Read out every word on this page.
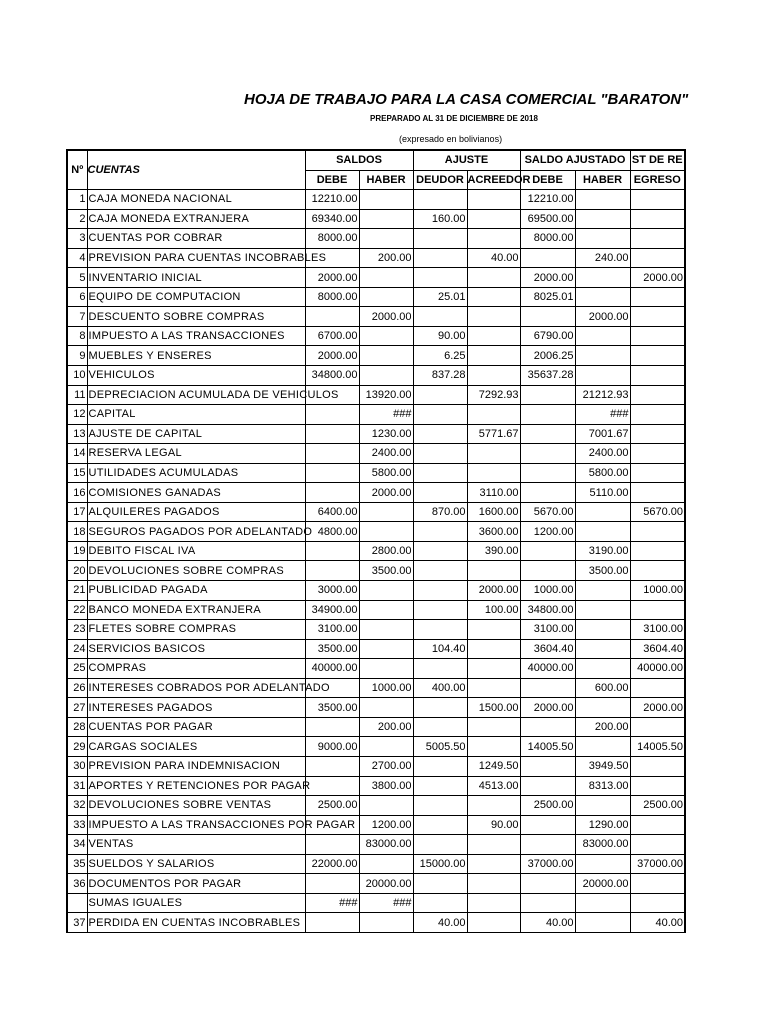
HOJA DE TRABAJO PARA LA CASA COMERCIAL "BARATON"
PREPARADO AL 31 DE DICIEMBRE DE 2018
(expresado en bolivianos)
Nº	CUENTAS	SALDOS		AJUSTE		SALDO AJUSTADO		ST DE RE
		DEBE	HABER	DEUDOR	ACREEDOR	DEBE	HABER	EGRESO
1	CAJA MONEDA NACIONAL	12210.00				12210.00		
2	CAJA MONEDA EXTRANJERA	69340.00		160.00		69500.00		
3	CUENTAS POR COBRAR	8000.00				8000.00		
4	PREVISION PARA CUENTAS INCOBRABLES		200.00		40.00		240.00	
5	INVENTARIO INICIAL	2000.00				2000.00		2000.00
6	EQUIPO DE COMPUTACION	8000.00		25.01		8025.01		
7	DESCUENTO SOBRE COMPRAS		2000.00				2000.00	
8	IMPUESTO A LAS TRANSACCIONES	6700.00		90.00		6790.00		
9	MUEBLES Y ENSERES	2000.00		6.25		2006.25		
10	VEHICULOS	34800.00		837.28		35637.28		
11	DEPRECIACION ACUMULADA DE VEHICULOS		13920.00		7292.93		21212.93	
12	CAPITAL		###				###	
13	AJUSTE DE CAPITAL		1230.00		5771.67		7001.67	
14	RESERVA LEGAL		2400.00				2400.00	
15	UTILIDADES ACUMULADAS		5800.00				5800.00	
16	COMISIONES GANADAS		2000.00		3110.00		5110.00	
17	ALQUILERES PAGADOS	6400.00		870.00	1600.00	5670.00		5670.00
18	SEGUROS PAGADOS POR ADELANTADO	4800.00			3600.00	1200.00		
19	DEBITO FISCAL IVA		2800.00		390.00		3190.00	
20	DEVOLUCIONES SOBRE COMPRAS		3500.00				3500.00	
21	PUBLICIDAD PAGADA	3000.00			2000.00	1000.00		1000.00
22	BANCO MONEDA EXTRANJERA	34900.00			100.00	34800.00		
23	FLETES SOBRE COMPRAS	3100.00				3100.00		3100.00
24	SERVICIOS BASICOS	3500.00		104.40		3604.40		3604.40
25	COMPRAS	40000.00				40000.00		40000.00
26	INTERESES COBRADOS POR ADELANTADO		1000.00	400.00			600.00	
27	INTERESES PAGADOS	3500.00			1500.00	2000.00		2000.00
28	CUENTAS POR PAGAR		200.00				200.00	
29	CARGAS SOCIALES	9000.00		5005.50		14005.50		14005.50
30	PREVISION PARA INDEMNISACION		2700.00		1249.50		3949.50	
31	APORTES Y RETENCIONES POR PAGAR		3800.00		4513.00		8313.00	
32	DEVOLUCIONES SOBRE VENTAS	2500.00				2500.00		2500.00
33	IMPUESTO A LAS TRANSACCIONES POR PAGAR		1200.00		90.00		1290.00	
34	VENTAS		83000.00				83000.00	
35	SUELDOS Y SALARIOS	22000.00		15000.00		37000.00		37000.00
36	DOCUMENTOS POR PAGAR		20000.00				20000.00	
	SUMAS IGUALES	###	###					
37	PERDIDA EN CUENTAS INCOBRABLES			40.00		40.00		40.00
